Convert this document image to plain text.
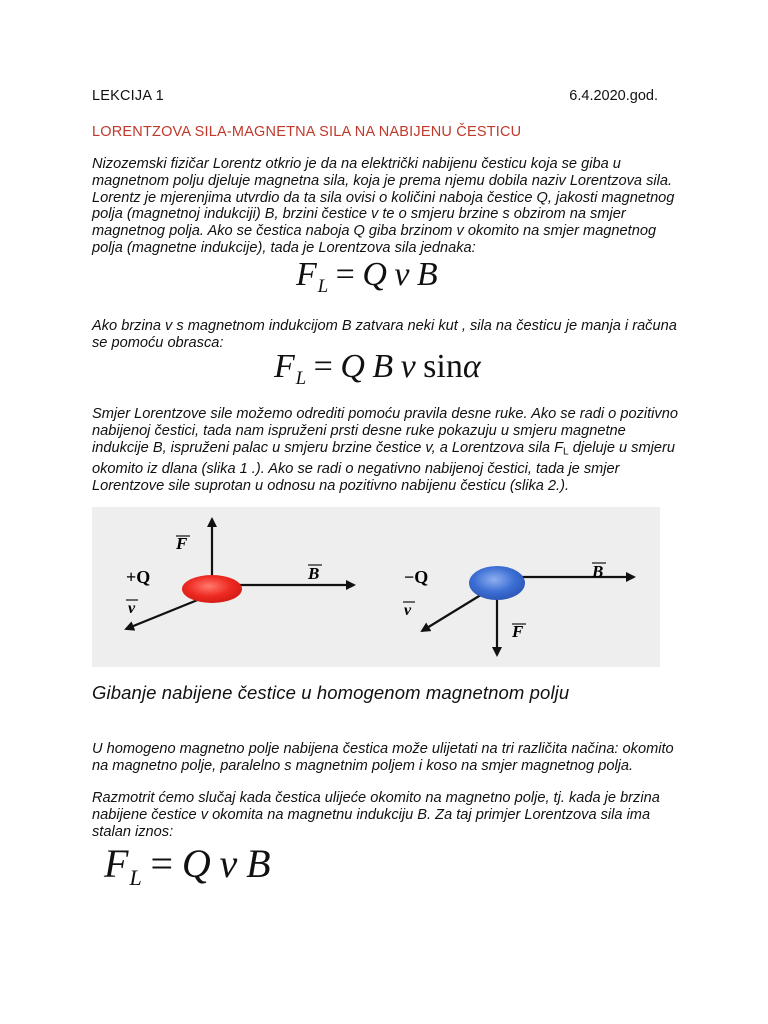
LEKCIJA 1	6.4.2020.god.
LORENTZOVA SILA-MAGNETNA SILA NA NABIJENU ČESTICU

Nizozemski fizičar Lorentz otkrio je da na električki nabijenu česticu koja se giba u magnetnom polju djeluje magnetna sila, koja je prema njemu dobila naziv Lorentzova sila. Lorentz je mjerenjima utvrdio da ta sila ovisi o količini naboja čestice Q, jakosti magnetnog polja (magnetnoj indukciji) B, brzini čestice v te o smjeru brzine s obzirom na smjer magnetnog polja. Ako se čestica naboja Q giba brzinom v okomito na smjer magnetnog polja (magnetne indukcije), tada je Lorentzova sila jednaka:

FL = Q v B

Ako brzina v s magnetnom indukcijom B zatvara neki kut , sila na česticu je manja i računa se pomoću obrasca:

FL = Q B v sinα

Smjer Lorentzove sile možemo odrediti pomoću pravila desne ruke. Ako se radi o pozitivno nabijenoj čestici, tada nam ispruženi prsti desne ruke pokazuju u smjeru magnetne indukcije B, ispruženi palac u smjeru brzine čestice v, a Lorentzova sila FL djeluje u smjeru okomito iz dlana (slika 1 .). Ako se radi o negativno nabijenoj čestici, tada je smjer Lorentzove sile suprotan u odnosu na pozitivno nabijenu česticu (slika 2.).

F
+Q	B
v
−Q	B
v
F
Gibanje nabijene čestice u homogenom magnetnom polju

U homogeno magnetno polje nabijena čestica može ulijetati na tri različita načina: okomito na magnetno polje, paralelno s magnetnim poljem i koso na smjer magnetnog polja.

Razmotrit ćemo slučaj kada čestica ulijeće okomito na magnetno polje, tj. kada je brzina nabijene čestice v okomita na magnetnu indukciju B. Za taj primjer Lorentzova sila ima stalan iznos:

FL = Q v B
